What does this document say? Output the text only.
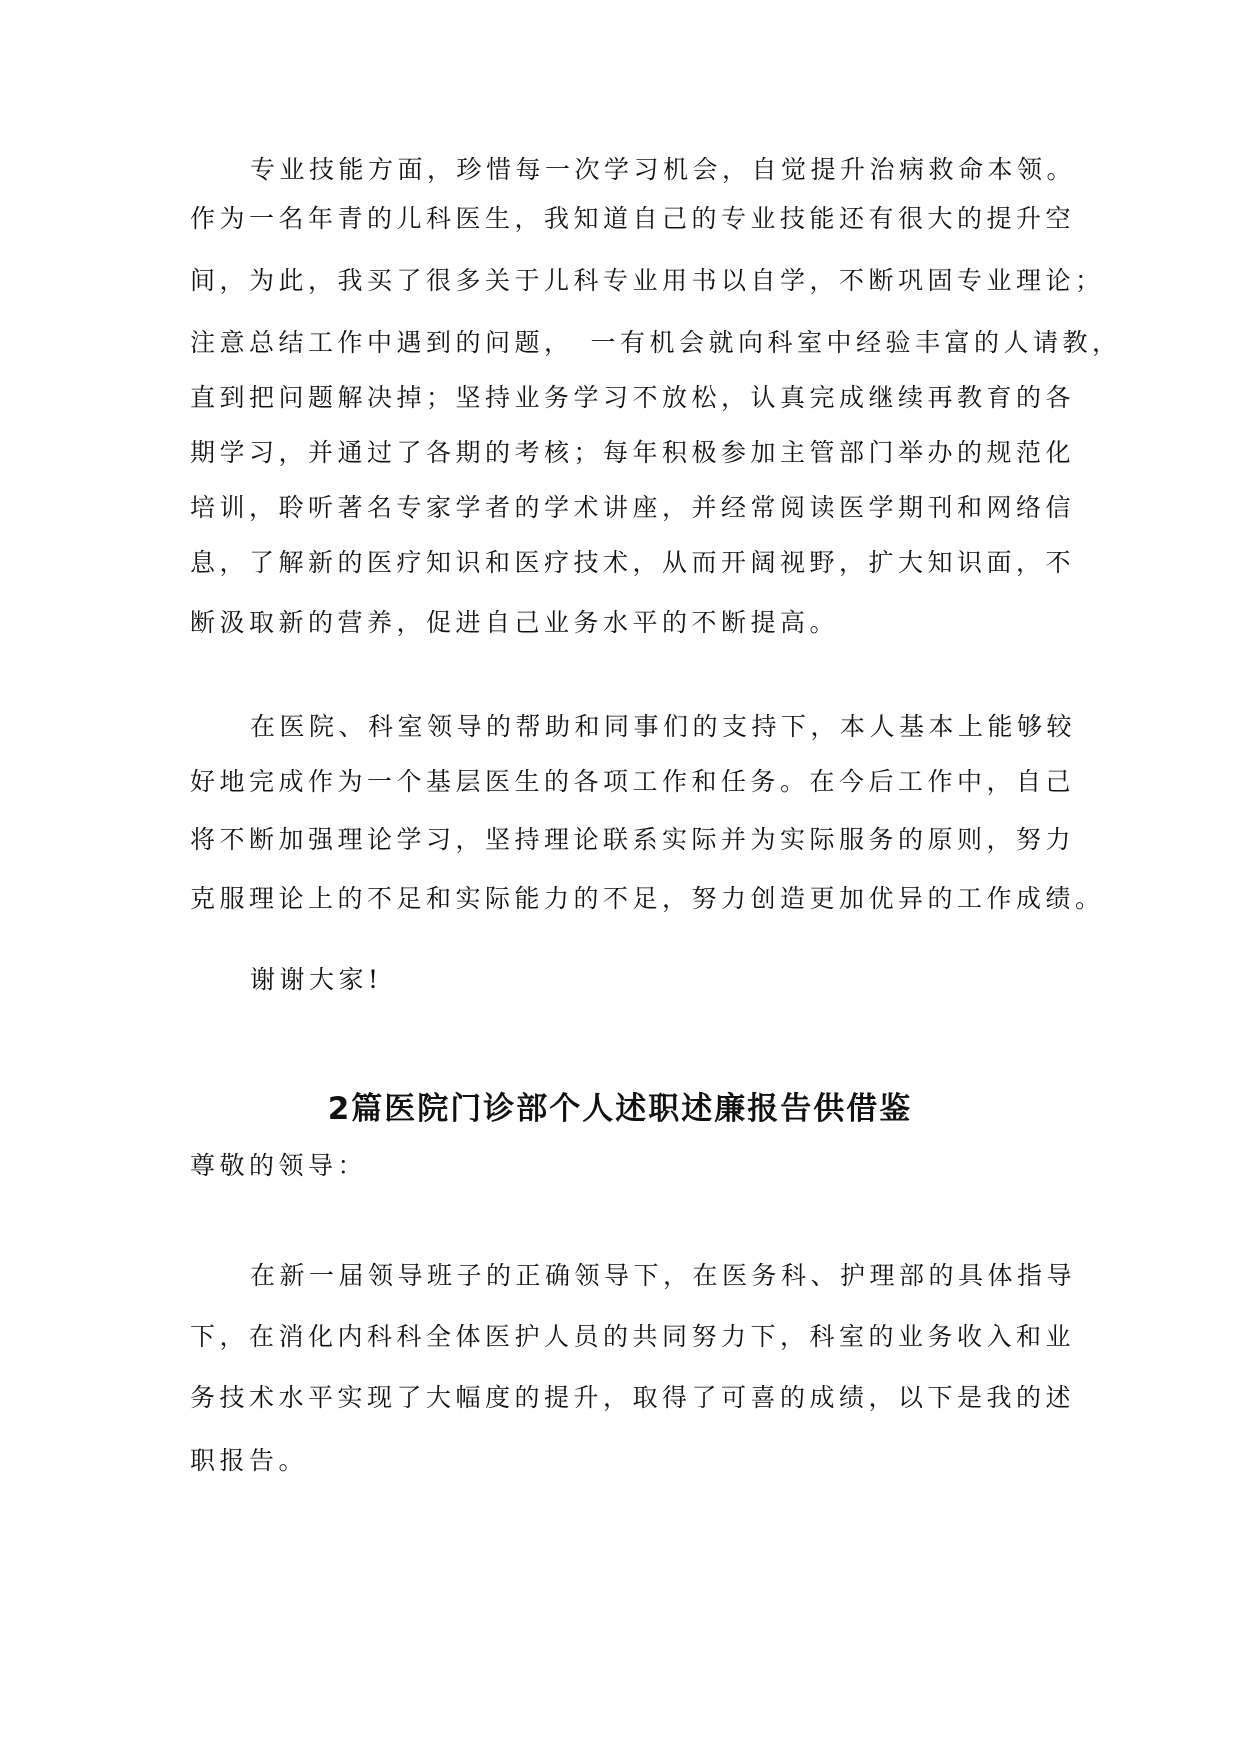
专业技能方面，珍惜每一次学习机会，自觉提升治病救命本领。
作为一名年青的儿科医生，我知道自己的专业技能还有很大的提升空
间，为此，我买了很多关于儿科专业用书以自学，不断巩固专业理论；
注意总结工作中遇到的问题，　一有机会就向科室中经验丰富的人请教，
直到把问题解决掉；坚持业务学习不放松，认真完成继续再教育的各
期学习，并通过了各期的考核；每年积极参加主管部门举办的规范化
培训，聆听著名专家学者的学术讲座，并经常阅读医学期刊和网络信
息，了解新的医疗知识和医疗技术，从而开阔视野，扩大知识面，不
断汲取新的营养，促进自己业务水平的不断提高。
在医院、科室领导的帮助和同事们的支持下，本人基本上能够较
好地完成作为一个基层医生的各项工作和任务。在今后工作中，自己
将不断加强理论学习，坚持理论联系实际并为实际服务的原则，努力
克服理论上的不足和实际能力的不足，努力创造更加优异的工作成绩。
谢谢大家!
2篇医院门诊部个人述职述廉报告供借鉴
尊敬的领导：
在新一届领导班子的正确领导下，在医务科、护理部的具体指导
下，在消化内科科全体医护人员的共同努力下，科室的业务收入和业
务技术水平实现了大幅度的提升，取得了可喜的成绩，以下是我的述
职报告。
